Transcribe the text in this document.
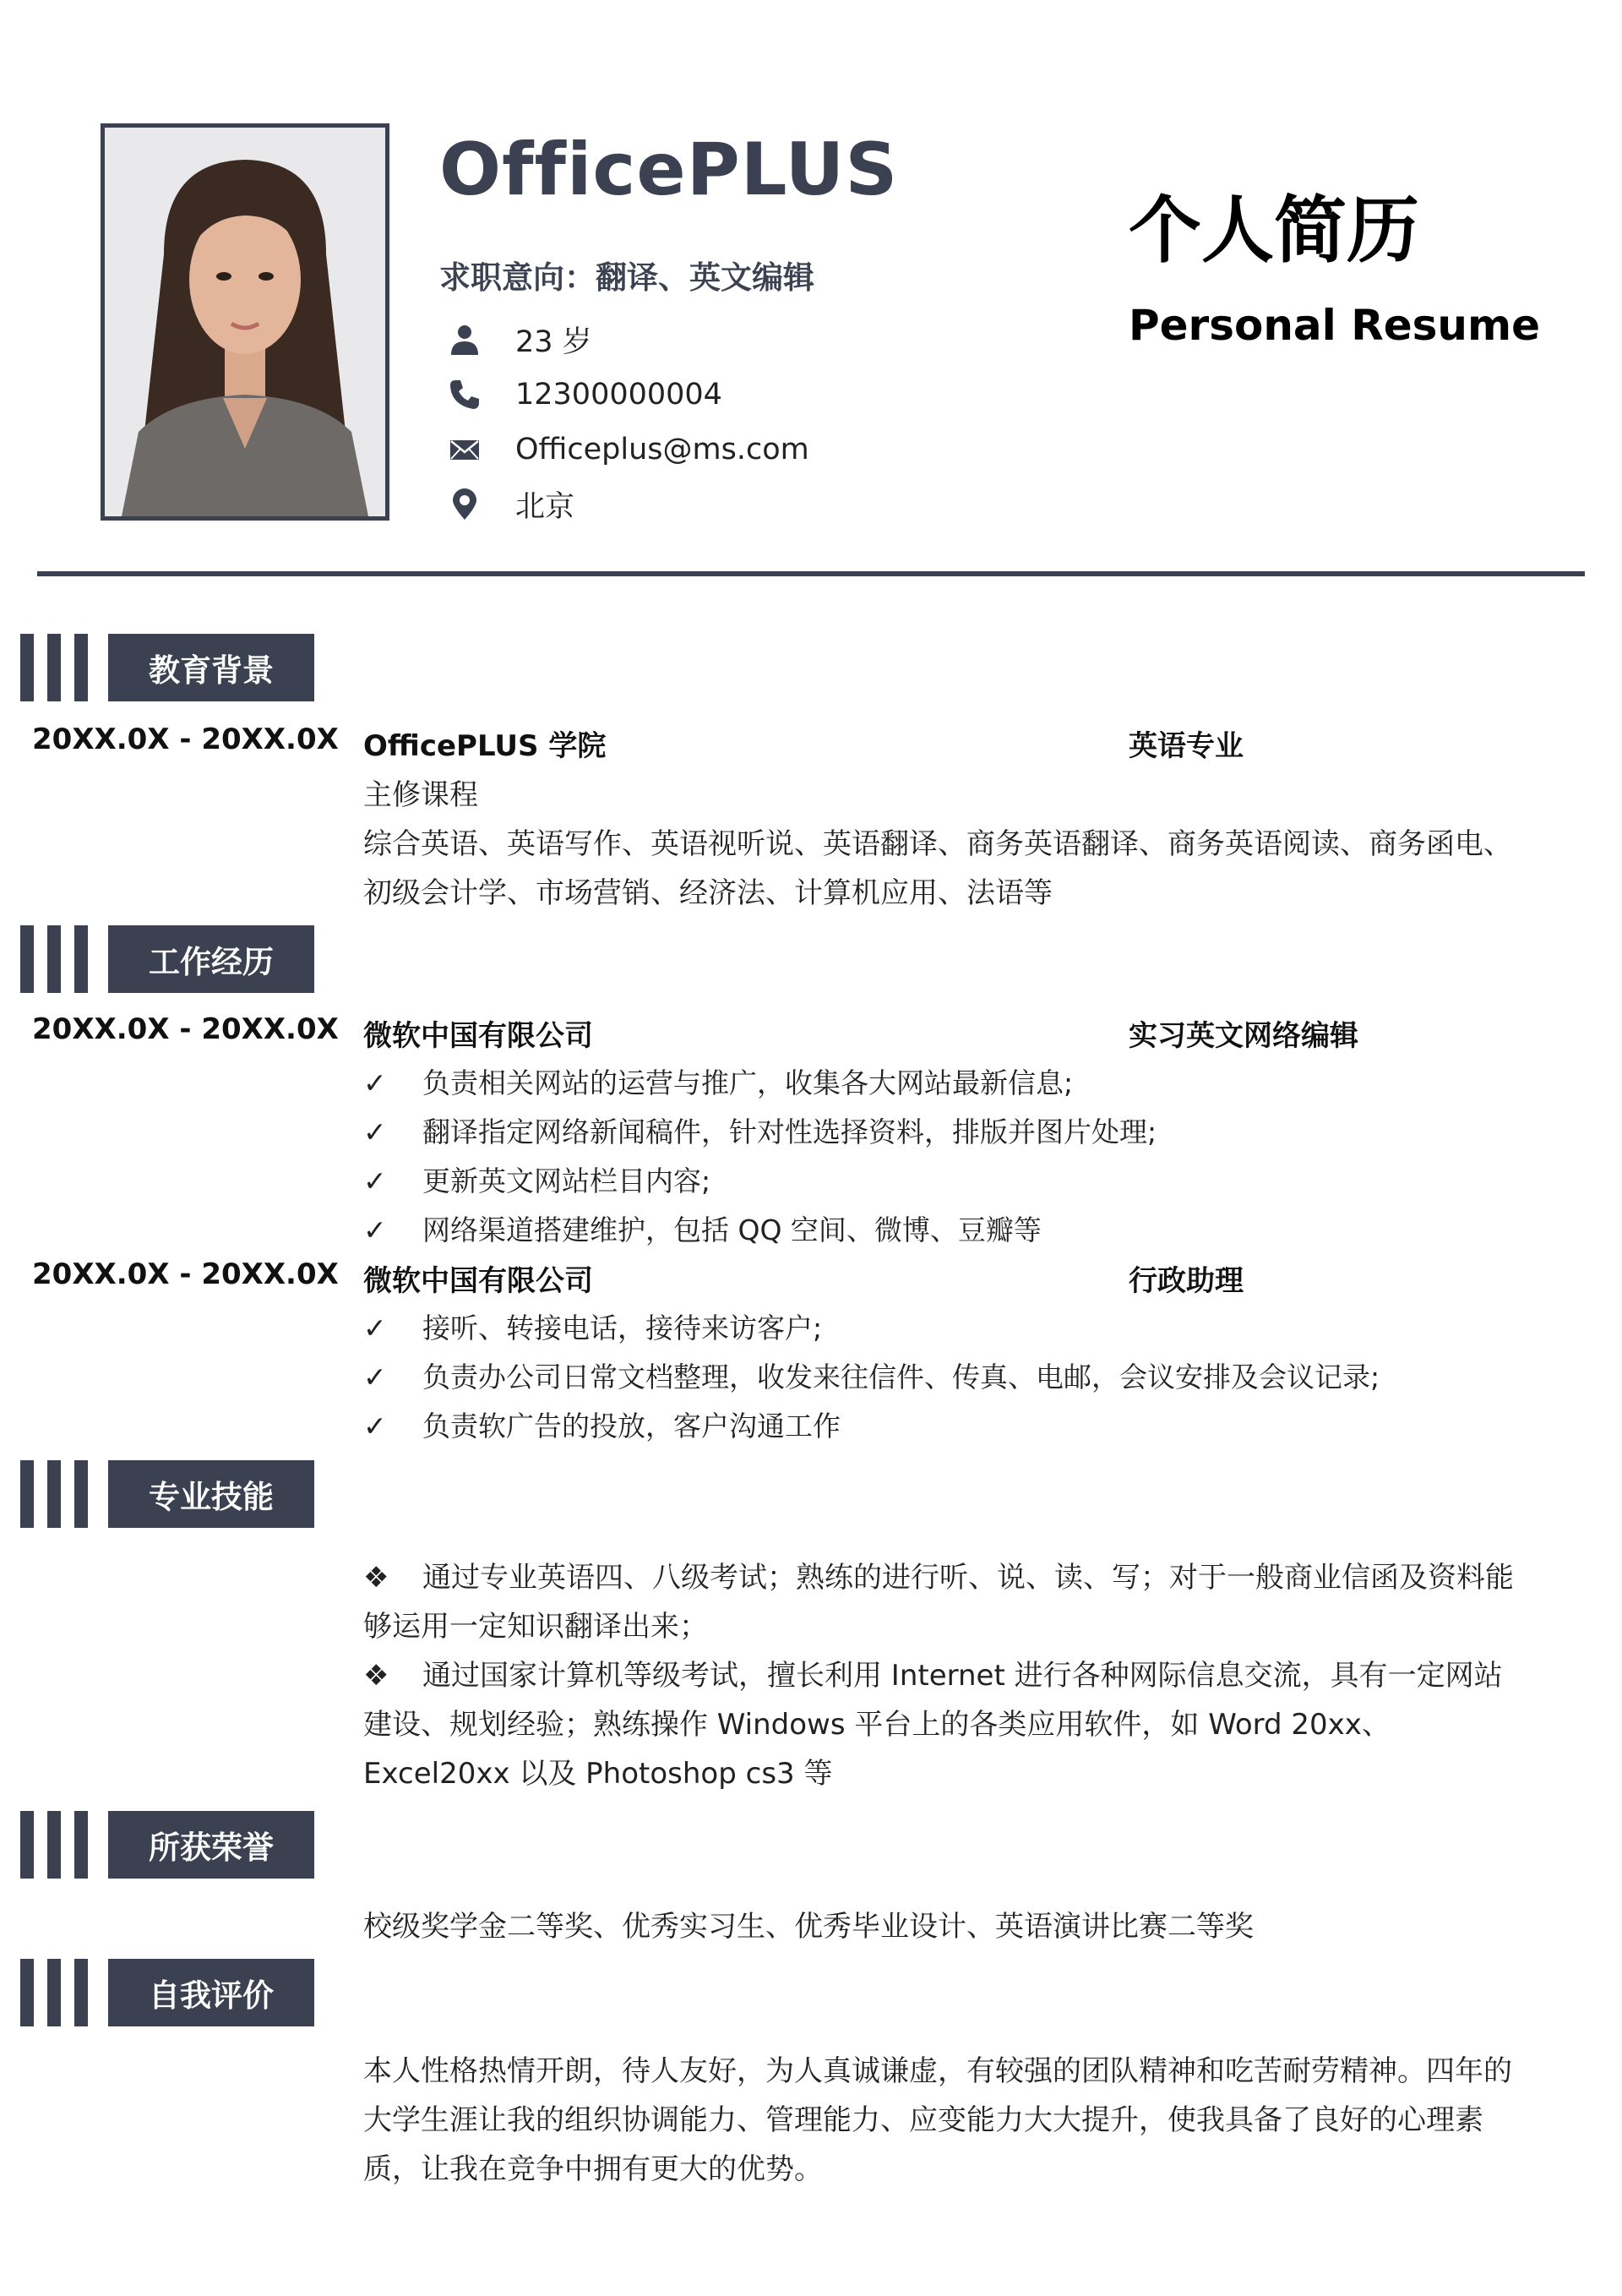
OfficePLUS
求职意向：翻译、英文编辑
23 岁
12300000004
Officeplus@ms.com
北京
个人简历
Personal Resume
教育背景
20XX.0X - 20XX.0X OfficePLUS 学院	英语专业
主修课程
综合英语、英语写作、英语视听说、英语翻译、商务英语翻译、商务英语阅读、商务函电、
初级会计学、市场营销、经济法、计算机应用、法语等
工作经历
20XX.0X - 20XX.0X 微软中国有限公司	实习英文网络编辑
✓ 负责相关网站的运营与推广，收集各大网站最新信息;
✓ 翻译指定网络新闻稿件，针对性选择资料，排版并图片处理;
✓ 更新英文网站栏目内容;
✓ 网络渠道搭建维护，包括 QQ 空间、微博、豆瓣等
20XX.0X - 20XX.0X 微软中国有限公司	行政助理
✓ 接听、转接电话，接待来访客户;
✓ 负责办公司日常文档整理，收发来往信件、传真、电邮，会议安排及会议记录;
✓ 负责软广告的投放，客户沟通工作
专业技能
❖ 通过专业英语四、八级考试；熟练的进行听、说、读、写；对于一般商业信函及资料能够运用一定知识翻译出来；
❖ 通过国家计算机等级考试，擅长利用 Internet 进行各种网际信息交流，具有一定网站建设、规划经验；熟练操作 Windows 平台上的各类应用软件，如 Word 20xx、Excel20xx 以及 Photoshop cs3 等
所获荣誉
校级奖学金二等奖、优秀实习生、优秀毕业设计、英语演讲比赛二等奖
自我评价
本人性格热情开朗，待人友好，为人真诚谦虚，有较强的团队精神和吃苦耐劳精神。四年的大学生涯让我的组织协调能力、管理能力、应变能力大大提升，使我具备了良好的心理素质，让我在竞争中拥有更大的优势。
